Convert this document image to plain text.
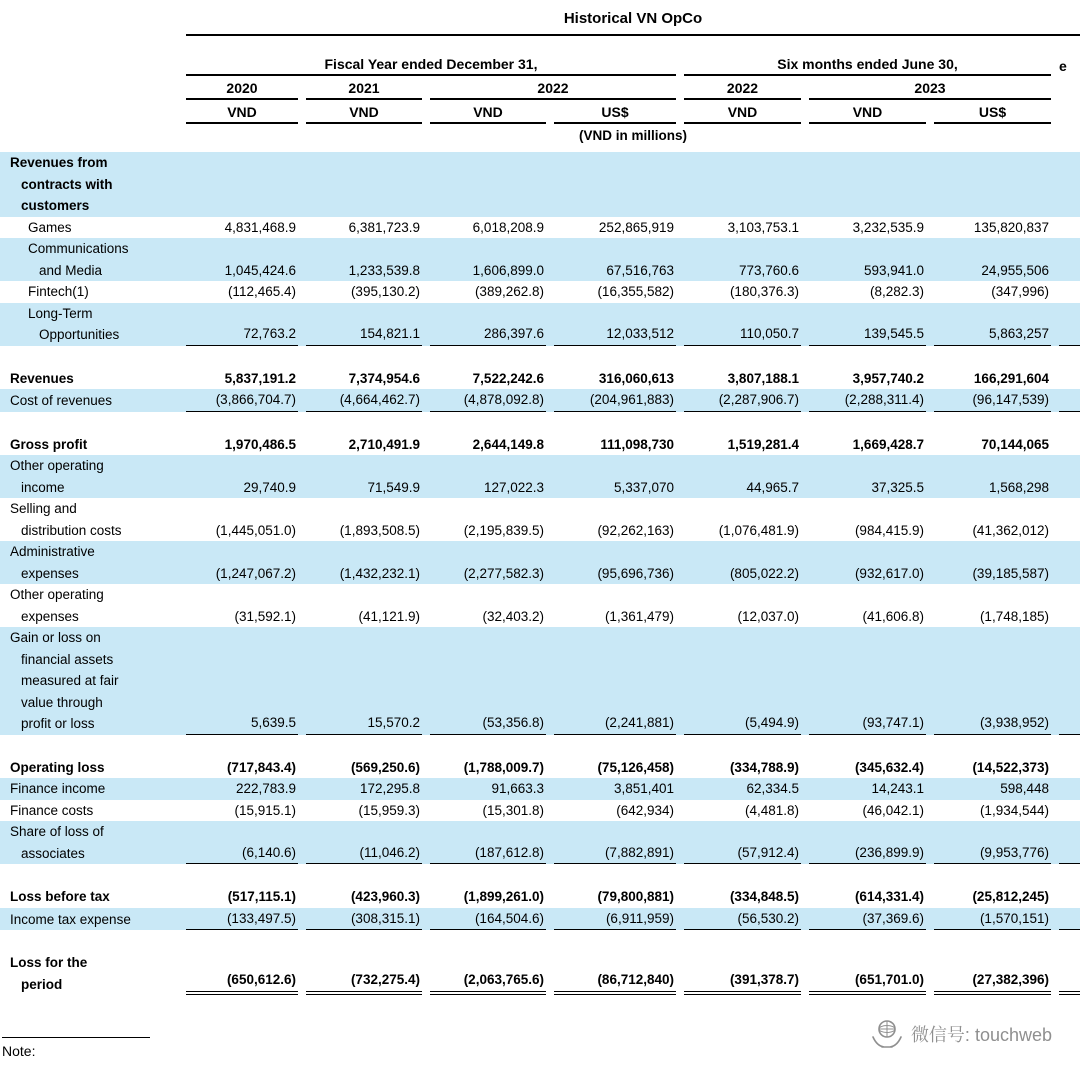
Historical VN OpCo
Fiscal Year ended December 31,	Six months ended June 30,	e
2020	2021	2022	2022	2023
VND	VND	VND	US$	VND	VND	US$
(VND in millions)
Revenues from
contracts with
customers
Games	4,831,468.9	6,381,723.9	6,018,208.9	252,865,919	3,103,753.1	3,232,535.9	135,820,837
Communications
and Media	1,045,424.6	1,233,539.8	1,606,899.0	67,516,763	773,760.6	593,941.0	24,955,506
Fintech(1)	(112,465.4)	(395,130.2)	(389,262.8)	(16,355,582)	(180,376.3)	(8,282.3)	(347,996)
Long-Term
Opportunities	72,763.2	154,821.1	286,397.6	12,033,512	110,050.7	139,545.5	5,863,257
Revenues	5,837,191.2	7,374,954.6	7,522,242.6	316,060,613	3,807,188.1	3,957,740.2	166,291,604
Cost of revenues	(3,866,704.7)	(4,664,462.7)	(4,878,092.8)	(204,961,883)	(2,287,906.7)	(2,288,311.4)	(96,147,539)
Gross profit	1,970,486.5	2,710,491.9	2,644,149.8	111,098,730	1,519,281.4	1,669,428.7	70,144,065
Other operating
income	29,740.9	71,549.9	127,022.3	5,337,070	44,965.7	37,325.5	1,568,298
Selling and
distribution costs	(1,445,051.0)	(1,893,508.5)	(2,195,839.5)	(92,262,163)	(1,076,481.9)	(984,415.9)	(41,362,012)
Administrative
expenses	(1,247,067.2)	(1,432,232.1)	(2,277,582.3)	(95,696,736)	(805,022.2)	(932,617.0)	(39,185,587)
Other operating
expenses	(31,592.1)	(41,121.9)	(32,403.2)	(1,361,479)	(12,037.0)	(41,606.8)	(1,748,185)
Gain or loss on
financial assets
measured at fair
value through
profit or loss	5,639.5	15,570.2	(53,356.8)	(2,241,881)	(5,494.9)	(93,747.1)	(3,938,952)
Operating loss	(717,843.4)	(569,250.6)	(1,788,009.7)	(75,126,458)	(334,788.9)	(345,632.4)	(14,522,373)
Finance income	222,783.9	172,295.8	91,663.3	3,851,401	62,334.5	14,243.1	598,448
Finance costs	(15,915.1)	(15,959.3)	(15,301.8)	(642,934)	(4,481.8)	(46,042.1)	(1,934,544)
Share of loss of
associates	(6,140.6)	(11,046.2)	(187,612.8)	(7,882,891)	(57,912.4)	(236,899.9)	(9,953,776)
Loss before tax	(517,115.1)	(423,960.3)	(1,899,261.0)	(79,800,881)	(334,848.5)	(614,331.4)	(25,812,245)
Income tax expense	(133,497.5)	(308,315.1)	(164,504.6)	(6,911,959)	(56,530.2)	(37,369.6)	(1,570,151)
Loss for the
period	(650,612.6)	(732,275.4)	(2,063,765.6)	(86,712,840)	(391,378.7)	(651,701.0)	(27,382,396)
Note:
微信号: touchweb
